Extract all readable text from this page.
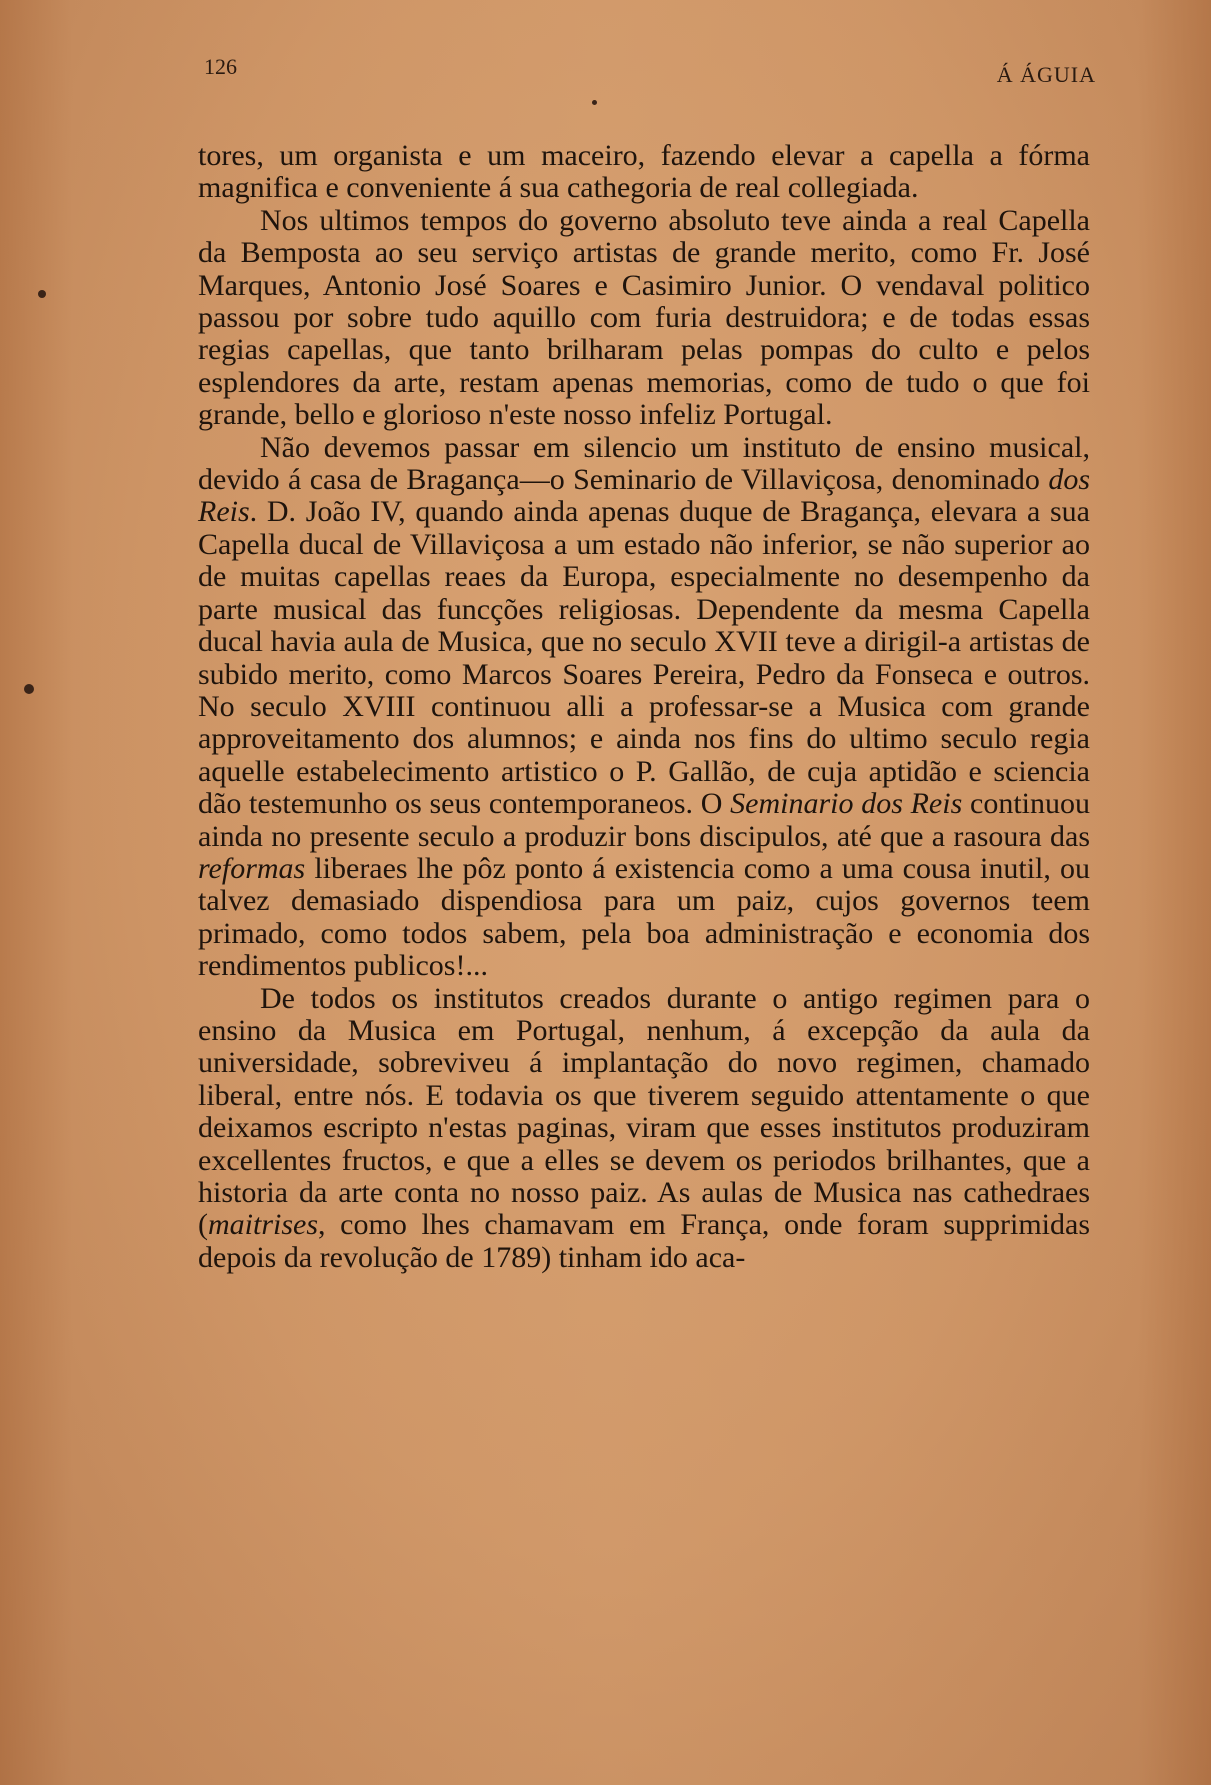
126	Á ÁGUIA

tores, um organista e um maceiro, fazendo elevar a capella a fórma magnifica e conveniente á sua cathegoria de real collegiada.

Nos ultimos tempos do governo absoluto teve ainda a real Capella da Bemposta ao seu serviço artistas de grande merito, como Fr. José Marques, Antonio José Soares e Casimiro Junior. O vendaval politico passou por sobre tudo aquillo com furia destruidora; e de todas essas regias capellas, que tanto brilharam pelas pompas do culto e pelos esplendores da arte, restam apenas memorias, como de tudo o que foi grande, bello e glorioso n'este nosso infeliz Portugal.

Não devemos passar em silencio um instituto de ensino musical, devido á casa de Bragança—o Seminario de Villaviçosa, denominado dos Reis. D. João IV, quando ainda apenas duque de Bragança, elevara a sua Capella ducal de Villaviçosa a um estado não inferior, se não superior ao de muitas capellas reaes da Europa, especialmente no desempenho da parte musical das funcções religiosas. Dependente da mesma Capella ducal havia aula de Musica, que no seculo XVII teve a dirigil-a artistas de subido merito, como Marcos Soares Pereira, Pedro da Fonseca e outros. No seculo XVIII continuou alli a professar-se a Musica com grande approveitamento dos alumnos; e ainda nos fins do ultimo seculo regia aquelle estabelecimento artistico o P. Gallão, de cuja aptidão e sciencia dão testemunho os seus contemporaneos. O Seminario dos Reis continuou ainda no presente seculo a produzir bons discipulos, até que a rasoura das reformas liberaes lhe pôz ponto á existencia como a uma cousa inutil, ou talvez demasiado dispendiosa para um paiz, cujos governos teem primado, como todos sabem, pela boa administração e economia dos rendimentos publicos!...

De todos os institutos creados durante o antigo regimen para o ensino da Musica em Portugal, nenhum, á excepção da aula da universidade, sobreviveu á implantação do novo regimen, chamado liberal, entre nós. E todavia os que tiverem seguido attentamente o que deixamos escripto n'estas paginas, viram que esses institutos produziram excellentes fructos, e que a elles se devem os periodos brilhantes, que a historia da arte conta no nosso paiz. As aulas de Musica nas cathedraes (maitrises, como lhes chamavam em França, onde foram supprimidas depois da revolução de 1789) tinham ido aca-
